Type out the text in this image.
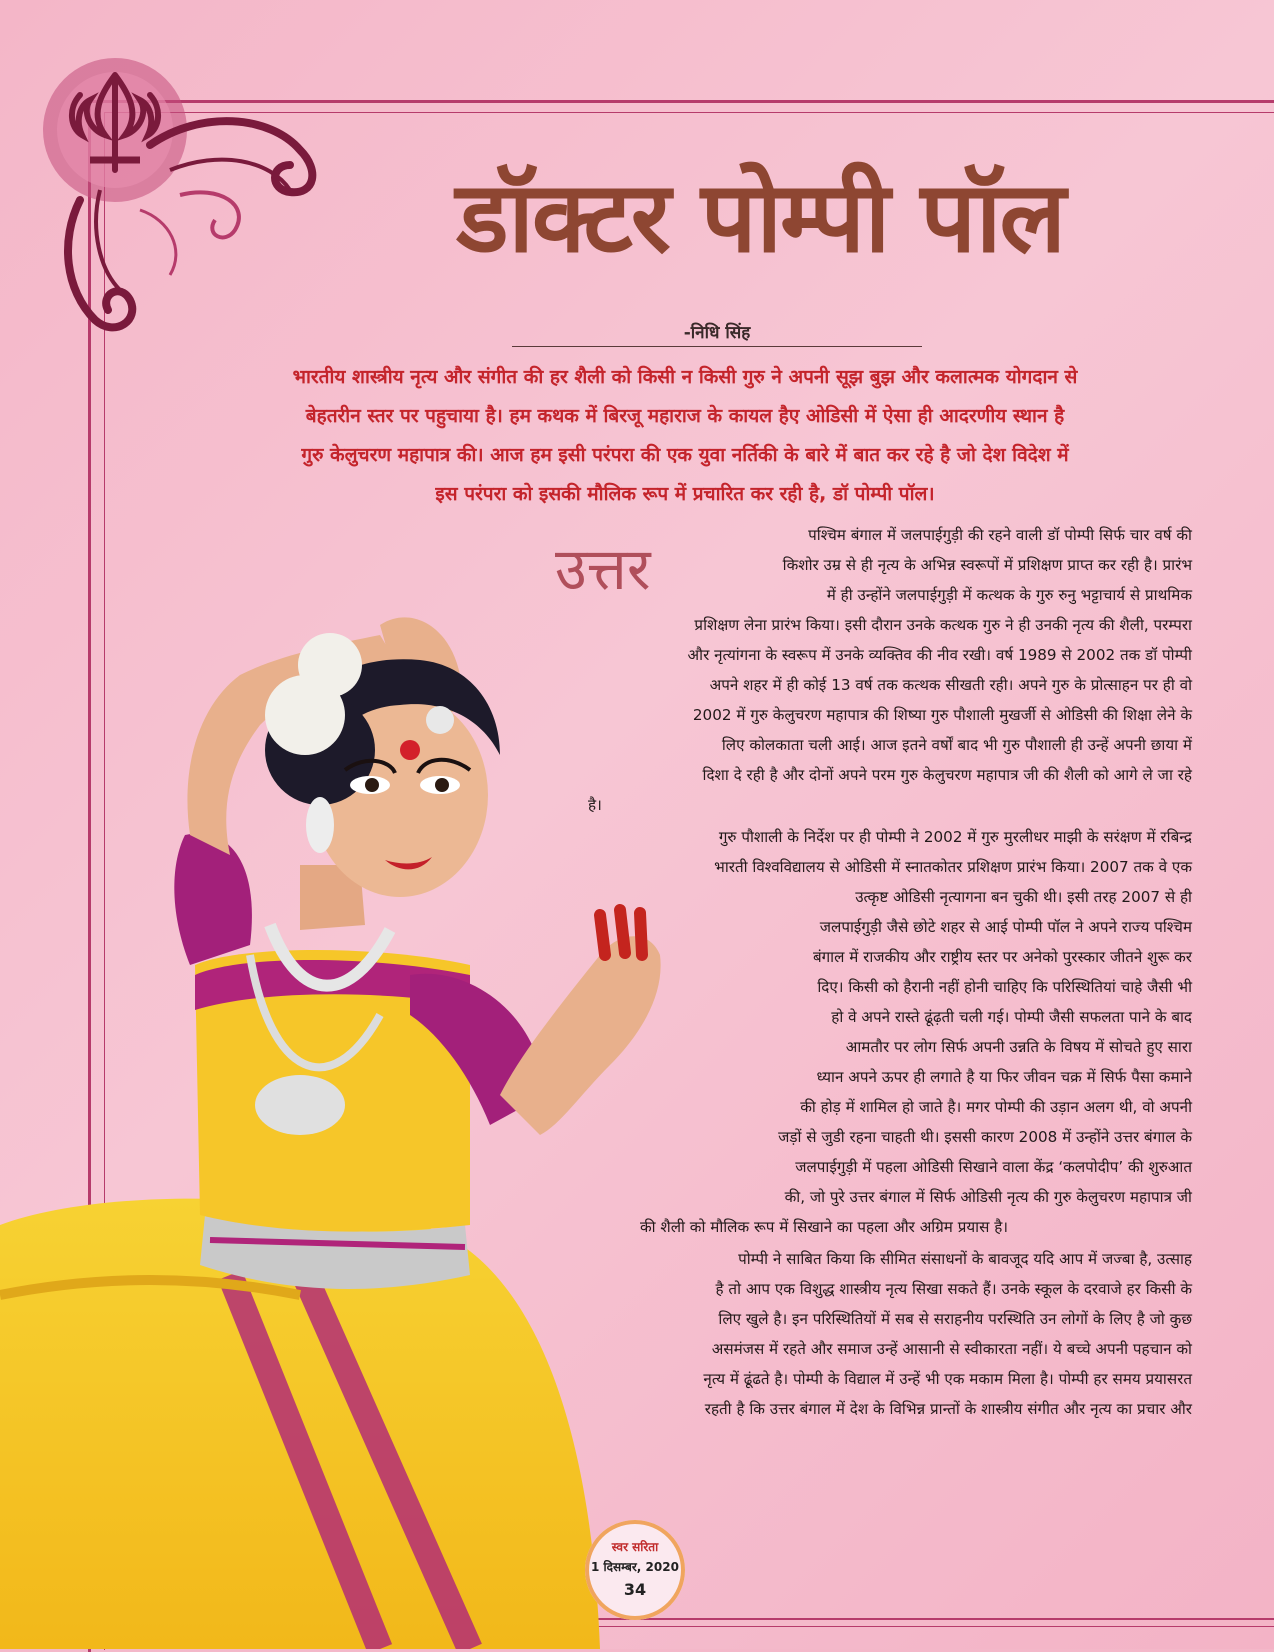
डॉक्टर पोम्पी पॉल
-निधि सिंह
भारतीय शास्त्रीय नृत्य और संगीत की हर शैली को किसी न किसी गुरु ने अपनी सूझ बुझ और कलात्मक योगदान से
बेहतरीन स्तर पर पहुचाया है। हम कथक में बिरजू महाराज के कायल हैए ओडिसी में ऐसा ही आदरणीय स्थान है
गुरु केलुचरण महापात्र की। आज हम इसी परंपरा की एक युवा नर्तिकी के बारे में बात कर रहे है जो देश विदेश में
इस परंपरा को इसकी मौलिक रूप में प्रचारित कर रही है, डॉ पोम्पी पॉल।
उत्तर	पश्चिम बंगाल में जलपाईगुड़ी की रहने वाली डॉ पोम्पी सिर्फ चार वर्ष की
किशोर उम्र से ही नृत्य के अभिन्न स्वरूपों में प्रशिक्षण प्राप्त कर रही है। प्रारंभ
में ही उन्होंने जलपाईगुड़ी में कत्थक के गुरु रुनु भट्टाचार्य से प्राथमिक
प्रशिक्षण लेना प्रारंभ किया। इसी दौरान उनके कत्थक गुरु ने ही उनकी नृत्य की शैली, परम्परा
और नृत्यांगना के स्वरूप में उनके व्यक्तिव की नीव रखी। वर्ष 1989 से 2002 तक डॉ पोम्पी
अपने शहर में ही कोई 13 वर्ष तक कत्थक सीखती रही। अपने गुरु के प्रोत्साहन पर ही वो
2002 में गुरु केलुचरण महापात्र की शिष्या गुरु पौशाली मुखर्जी से ओडिसी की शिक्षा लेने के
लिए कोलकाता चली आई। आज इतने वर्षों बाद भी गुरु पौशाली ही उन्हें अपनी छाया में
दिशा दे रही है और दोनों अपने परम गुरु केलुचरण महापात्र जी की शैली को आगे ले जा रहे
है।
गुरु पौशाली के निर्देश पर ही पोम्पी ने 2002 में गुरु मुरलीधर माझी के सरंक्षण में रबिन्द्र
भारती विश्वविद्यालय से ओडिसी में स्नातकोतर प्रशिक्षण प्रारंभ किया। 2007 तक वे एक
उत्कृष्ट ओडिसी नृत्यागना बन चुकी थी। इसी तरह 2007 से ही
जलपाईगुड़ी जैसे छोटे शहर से आई पोम्पी पॉल ने अपने राज्य पश्चिम
बंगाल में राजकीय और राष्ट्रीय स्तर पर अनेको पुरस्कार जीतने शुरू कर
दिए। किसी को हैरानी नहीं होनी चाहिए कि परिस्थितियां चाहे जैसी भी
हो वे अपने रास्ते ढूंढ़ती चली गई। पोम्पी जैसी सफलता पाने के बाद
आमतौर पर लोग सिर्फ अपनी उन्नति के विषय में सोचते हुए सारा
ध्यान अपने ऊपर ही लगाते है या फिर जीवन चक्र में सिर्फ पैसा कमाने
की होड़ में शामिल हो जाते है। मगर पोम्पी की उड़ान अलग थी, वो अपनी
जड़ों से जुडी रहना चाहती थी। इससी कारण 2008 में उन्होंने उत्तर बंगाल के
जलपाईगुड़ी में पहला ओडिसी सिखाने वाला केंद्र ‘कलपोदीप’ की शुरुआत
की, जो पुरे उत्तर बंगाल में सिर्फ ओडिसी नृत्य की गुरु केलुचरण महापात्र जी
की शैली को मौलिक रूप में सिखाने का पहला और अग्रिम प्रयास है।
पोम्पी ने साबित किया कि सीमित संसाधनों के बावजूद यदि आप में जज्बा है, उत्साह
है तो आप एक विशुद्ध शास्त्रीय नृत्य सिखा सकते हैं। उनके स्कूल के दरवाजे हर किसी के
लिए खुले है। इन परिस्थितियों में सब से सराहनीय परस्थिति उन लोगों के लिए है जो कुछ
असमंजस में रहते और समाज उन्हें आसानी से स्वीकारता नहीं। ये बच्चे अपनी पहचान को
नृत्य में ढूंढते है। पोम्पी के विद्याल में उन्हें भी एक मकाम मिला है। पोम्पी हर समय प्रयासरत
रहती है कि उत्तर बंगाल में देश के विभिन्न प्रान्तों के शास्त्रीय संगीत और नृत्य का प्रचार और
स्वर सरिता
1 दिसम्बर, 2020
34
